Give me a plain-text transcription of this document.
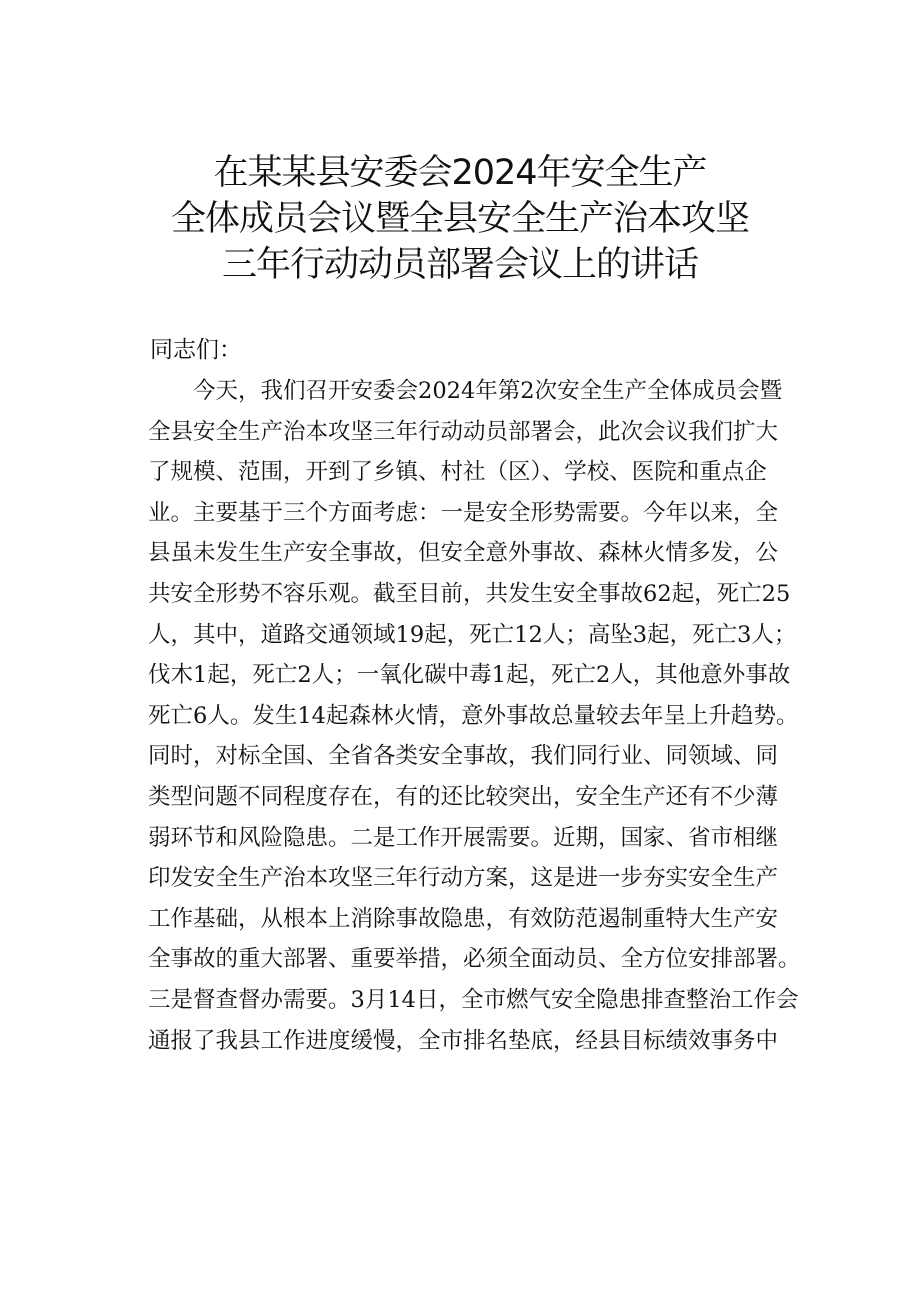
在某某县安委会2024年安全生产
全体成员会议暨全县安全生产治本攻坚
三年行动动员部署会议上的讲话
同志们：
今天，我们召开安委会2024年第2次安全生产全体成员会暨
全县安全生产治本攻坚三年行动动员部署会，此次会议我们扩大
了规模、范围，开到了乡镇、村社（区）、学校、医院和重点企
业。主要基于三个方面考虑：一是安全形势需要。今年以来，全
县虽未发生生产安全事故，但安全意外事故、森林火情多发，公
共安全形势不容乐观。截至目前，共发生安全事故62起，死亡25
人，其中，道路交通领域19起，死亡12人；高坠3起，死亡3人；
伐木1起，死亡2人；一氧化碳中毒1起，死亡2人，其他意外事故
死亡6人。发生14起森林火情，意外事故总量较去年呈上升趋势。
同时，对标全国、全省各类安全事故，我们同行业、同领域、同
类型问题不同程度存在，有的还比较突出，安全生产还有不少薄
弱环节和风险隐患。二是工作开展需要。近期，国家、省市相继
印发安全生产治本攻坚三年行动方案，这是进一步夯实安全生产
工作基础，从根本上消除事故隐患，有效防范遏制重特大生产安
全事故的重大部署、重要举措，必须全面动员、全方位安排部署。
三是督查督办需要。3月14日，全市燃气安全隐患排查整治工作会
通报了我县工作进度缓慢，全市排名垫底，经县目标绩效事务中
